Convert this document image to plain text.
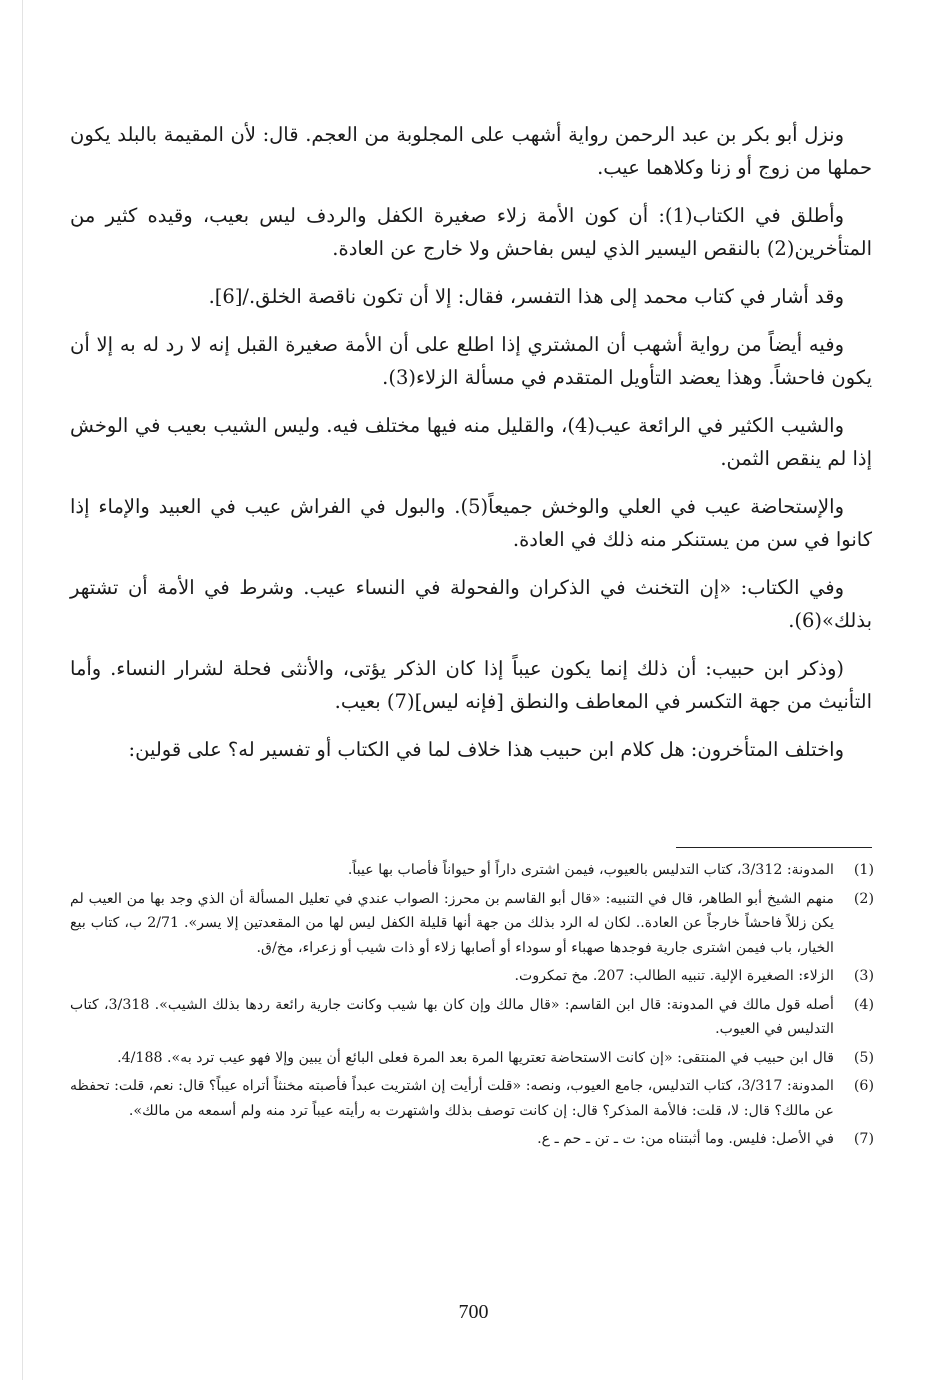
ونزل أبو بكر بن عبد الرحمن رواية أشهب على المجلوبة من العجم. قال: لأن المقيمة بالبلد يكون حملها من زوج أو زنا وكلاهما عيب.

وأطلق في الكتاب(1): أن كون الأمة زلاء صغيرة الكفل والردف ليس بعيب، وقيده كثير من المتأخرين(2) بالنقص اليسير الذي ليس بفاحش ولا خارج عن العادة.

وقد أشار في كتاب محمد إلى هذا التفسر، فقال: إلا أن تكون ناقصة الخلق./[6].

وفيه أيضاً من رواية أشهب أن المشتري إذا اطلع على أن الأمة صغيرة القبل إنه لا رد له به إلا أن يكون فاحشاً. وهذا يعضد التأويل المتقدم في مسألة الزلاء(3).

والشيب الكثير في الرائعة عيب(4)، والقليل منه فيها مختلف فيه. وليس الشيب بعيب في الوخش إذا لم ينقص الثمن.

والإستحاضة عيب في العلي والوخش جميعاً(5). والبول في الفراش عيب في العبيد والإماء إذا كانوا في سن من يستنكر منه ذلك في العادة.

وفي الكتاب: «إن التخنث في الذكران والفحولة في النساء عيب. وشرط في الأمة أن تشتهر بذلك»(6).

(وذكر ابن حبيب: أن ذلك إنما يكون عيباً إذا كان الذكر يؤتى، والأنثى فحلة لشرار النساء. وأما التأنيث من جهة التكسر في المعاطف والنطق [فإنه ليس](7) بعيب.

واختلف المتأخرون: هل كلام ابن حبيب هذا خلاف لما في الكتاب أو تفسير له؟ على قولين:

(1)
المدونة: 3/312، كتاب التدليس بالعيوب، فيمن اشترى داراً أو حيواناً فأصاب بها عيباً.
(2)
منهم الشيخ أبو الطاهر، قال في التنبيه: «قال أبو القاسم بن محرز: الصواب عندي في تعليل المسألة أن الذي وجد بها من العيب لم يكن زللاً فاحشاً خارجاً عن العادة.. لكان له الرد بذلك من جهة أنها قليلة الكفل ليس لها من المقعدتين إلا يسر». 2/71 ب، كتاب بيع الخيار، باب فيمن اشترى جارية فوجدها صهباء أو سوداء أو أصابها زلاء أو ذات شيب أو زعراء، مخ/ق.
(3)
الزلاء: الصغيرة الإلية. تنبيه الطالب: 207. مخ تمكروت.
(4)
أصله قول مالك في المدونة: قال ابن القاسم: «قال مالك وإن كان بها شيب وكانت جارية رائعة ردها بذلك الشيب». 3/318، كتاب التدليس في العيوب.
(5)
قال ابن حبيب في المنتقى: «إن كانت الاستحاضة تعتريها المرة بعد المرة فعلى البائع أن يبين وإلا فهو عيب ترد به». 4/188.
(6)
المدونة: 3/317، كتاب التدليس، جامع العيوب، ونصه: «قلت أرأيت إن اشتريت عبداً فأصبته مخنثاً أتراه عيباً؟ قال: نعم، قلت: تحفظه عن مالك؟ قال: لا، قلت: فالأمة المذكر؟ قال: إن كانت توصف بذلك واشتهرت به رأيته عيباً ترد منه ولم أسمعه من مالك».
(7)
في الأصل: فليس. وما أثبتناه من: ت ـ تن ـ حم ـ ع.
700
